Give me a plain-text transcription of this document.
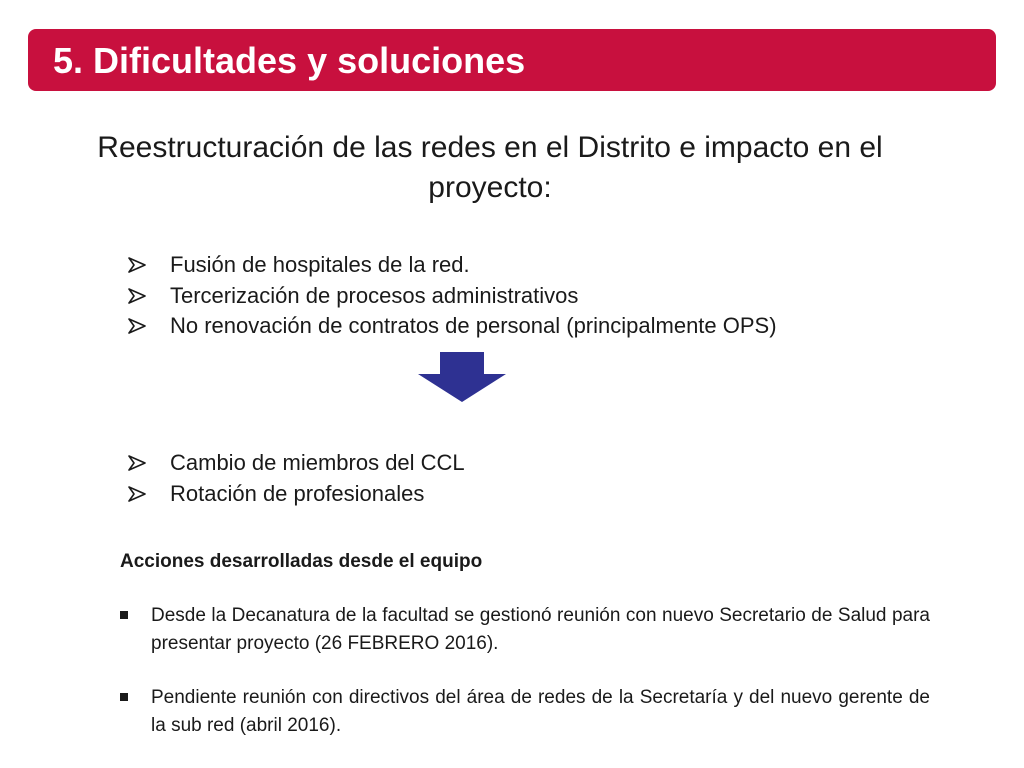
5. Dificultades y soluciones
Reestructuración de las redes en el Distrito e impacto en el proyecto:
Fusión de hospitales de la red.
Tercerización de procesos administrativos
No renovación de contratos de personal (principalmente OPS)
Cambio de miembros del CCL
Rotación de profesionales
Acciones desarrolladas desde el equipo
Desde la Decanatura de la facultad se gestionó reunión con nuevo Secretario de Salud para presentar proyecto (26 FEBRERO 2016).
Pendiente reunión con directivos del área de redes de la Secretaría y del nuevo gerente de la sub red (abril 2016).
